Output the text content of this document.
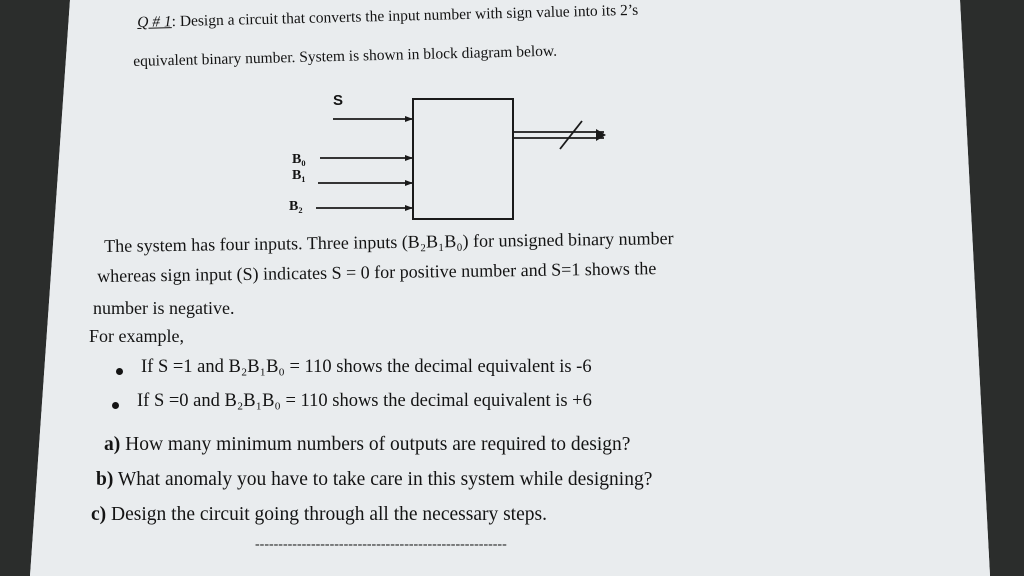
Q # 1: Design a circuit that converts the input number with sign value into its 2’s
equivalent binary number. System is shown in block diagram below.
S
B₀
B₁
B₂
The system has four inputs. Three inputs (B₂B₁B₀) for unsigned binary number
whereas sign input (S) indicates S = 0 for positive number and S=1 shows the
number is negative.
For example,
If S =1 and B₂B₁B₀ = 110 shows the decimal equivalent is -6
If S =0 and B₂B₁B₀ = 110 shows the decimal equivalent is +6
a) How many minimum numbers of outputs are required to design?
b) What anomaly you have to take care in this system while designing?
c) Design the circuit going through all the necessary steps.
------------------------------------------------------
